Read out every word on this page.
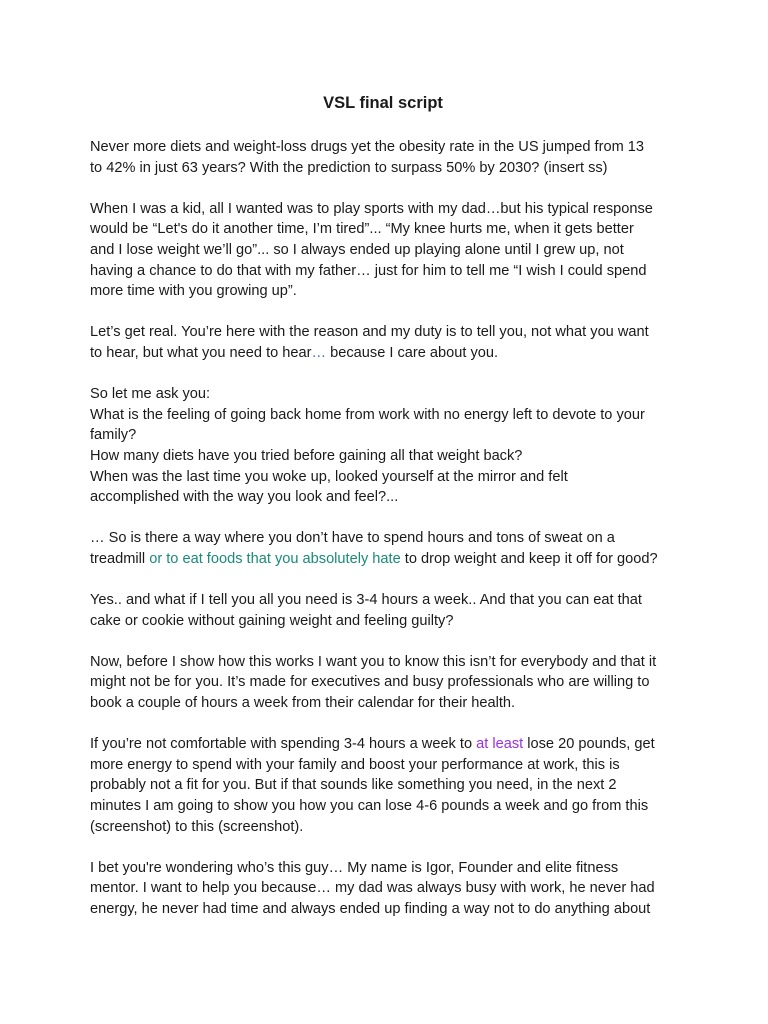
VSL final script

Never more diets and weight-loss drugs yet the obesity rate in the US jumped from 13
to 42% in just 63 years? With the prediction to surpass 50% by 2030? (insert ss)

When I was a kid, all I wanted was to play sports with my dad…but his typical response
would be “Let's do it another time, I’m tired”... “My knee hurts me, when it gets better
and I lose weight we’ll go”... so I always ended up playing alone until I grew up, not
having a chance to do that with my father… just for him to tell me “I wish I could spend
more time with you growing up”.

Let’s get real. You’re here with the reason and my duty is to tell you, not what you want
to hear, but what you need to hear… because I care about you.

So let me ask you:
What is the feeling of going back home from work with no energy left to devote to your
family?
How many diets have you tried before gaining all that weight back?
When was the last time you woke up, looked yourself at the mirror and felt
accomplished with the way you look and feel?...

… So is there a way where you don’t have to spend hours and tons of sweat on a
treadmill or to eat foods that you absolutely hate to drop weight and keep it off for good?

Yes.. and what if I tell you all you need is 3-4 hours a week.. And that you can eat that
cake or cookie without gaining weight and feeling guilty?

Now, before I show how this works I want you to know this isn’t for everybody and that it
might not be for you. It’s made for executives and busy professionals who are willing to
book a couple of hours a week from their calendar for their health.

If you’re not comfortable with spending 3-4 hours a week to at least lose 20 pounds, get
more energy to spend with your family and boost your performance at work, this is
probably not a fit for you. But if that sounds like something you need, in the next 2
minutes I am going to show you how you can lose 4-6 pounds a week and go from this
(screenshot) to this (screenshot).

I bet you're wondering who’s this guy… My name is Igor, Founder and elite fitness
mentor. I want to help you because… my dad was always busy with work, he never had
energy, he never had time and always ended up finding a way not to do anything about
